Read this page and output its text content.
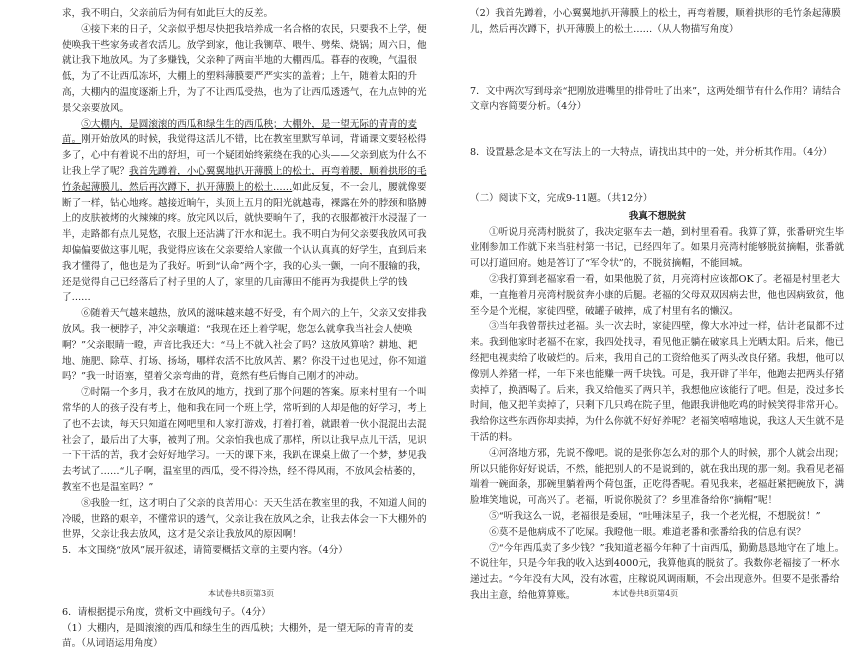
求，我不明白，父亲前后为何有如此巨大的反差。

④接下来的日子，父亲似乎想尽快把我培养成一名合格的农民，只要我不上学，便使唤我干些家务或者农活儿。放学到家，他让我铡草、喂牛、劈柴、烧锅；周六日，他就让我下地放风。为了多赚钱，父亲种了两亩半地的大棚西瓜。暮春的夜晚，气温很低，为了不让西瓜冻坏，大棚上的塑料薄膜要严严实实的盖着；上午，随着太阳的升高，大棚内的温度逐渐上升，为了不让西瓜受热，也为了让西瓜透透气，在九点钟的光景父亲要放风。

⑤大棚内，是圆滚滚的西瓜和绿生生的西瓜秧；大棚外，是一望无际的青青的麦苗。刚开始放风的时候，我觉得这活儿不错，比在教室里默写单词，背诵课文要轻松得多了，心中有着说不出的舒坦，可一个疑团始终萦绕在我的心头——父亲到底为什么不让我上学了呢？我首先蹲着，小心翼翼地扒开薄膜上的松土，再弯着腰，顺着拱形的毛竹条起薄膜儿，然后再次蹲下，扒开薄膜上的松土……如此反复，不一会儿，腰就像要断了一样，钻心地疼。越接近晌午，头顶上五月的阳光就越毒，裸露在外的脖颈和胳膊上的皮肤被烤的火辣辣的疼。放完风以后，就快要晌午了，我的衣服都被汗水浸湿了一半，走路都有点儿晃悠，衣服上还沾满了汗水和泥土。我不明白为何父亲要我放风可我却偏偏要做这事儿呢，我觉得应该在父亲要给人家做一个认认真真的好学生，直到后来我才懂得了，他也是为了我好。听到“认命”两个字，我的心头一颤，一向不服输的我，还是觉得自己已经落后了村子里的人了，家里的几亩薄田不能再为我提供上学的钱了……

⑥随着天气越来越热，放风的滋味越来越不好受，有个周六的上午，父亲又安排我放风。我一梗脖子，冲父亲嚷道：“我现在还上着学呢，您怎么就拿我当社会人使唤啊？”父亲眼睛一瞪，声音比我还大：“马上不就入社会了吗？这放风算啥？耕地、耙地、施肥、除草、打场、扬场，哪样农活不比放风苦、累？你没干过也见过，你不知道吗？”我一时语塞，望着父亲弯曲的背，竟然有些后悔自己刚才的冲动。

⑦时隔一个多月，我才在放风的地方，找到了那个问题的答案。原来村里有一个叫常华的人的孩子没有考上，他和我在同一个班上学，常听到的人却是他的好学习，考上了也不去读，每天只知道在网吧里和人家打游戏，打着打着，就跟着一伙小混混出去混社会了，最后出了大事，被判了刑。父亲怕我也成了那样，所以让我早点儿干活，见识一下干活的苦，我才会好好地学习。一天的课下来，我趴在课桌上做了一个梦，梦见我去考试了……“儿子啊，温室里的西瓜，受不得冷热，经不得风雨，不放风会枯萎的，教室不也是温室吗？”

⑧我脸一红，这才明白了父亲的良苦用心：天天生活在教室里的我，不知道人间的冷暖，世路的艰辛，不懂常识的透气，父亲让我在放风之余，让我去体会一下大棚外的世界，父亲让我去放风，这才是父亲让我放风的原因啊！

5．本文围绕“放风”展开叙述，请简要概括文章的主要内容。（4分）

6．请根据提示角度，赏析文中画线句子。（4分）

（1）大棚内，是圆滚滚的西瓜和绿生生的西瓜秧；大棚外，是一望无际的青青的麦苗。（从词语运用角度）

（2）我首先蹲着，小心翼翼地扒开薄膜上的松土，再弯着腰，顺着拱形的毛竹条起薄膜儿，然后再次蹲下，扒开薄膜上的松土……（从人物描写角度）

7．文中两次写到母亲“把刚放进嘴里的排骨吐了出来”，这两处细节有什么作用？请结合文章内容简要分析。（4分）

8．设置悬念是本文在写法上的一大特点，请找出其中的一处，并分析其作用。（4分）

（二）阅读下文，完成9-11题。（共12分）

我真不想脱贫

①听说月亮湾村脱贫了，我决定驱车去一趟，到村里看看。我算了算，张番研究生毕业刚参加工作就下来当驻村第一书记，已经四年了。如果月亮湾村能够脱贫摘帽，张番就可以打道回府。她是答订了“军令状”的，不脱贫摘帽，不能回城。

②我打算到老福家看一看，如果他脱了贫，月亮湾村应该都OK了。老福是村里老大难，一直拖着月亮湾村脱贫奔小康的后腿。老福的父母双双因病去世，他也因病致贫，他至今是个光棍，家徒四壁，破罐子破摔，成了村里有名的懒汉。

③当年我曾帮扶过老福。头一次去时，家徒四壁，像大水冲过一样，估计老鼠都不过来。我到他家时老福不在家，我四处找寻，看见他正躺在破家具上光晒太阳。后来，他已经把电视卖给了收破烂的。后来，我用自己的工资给他买了两头改良仔猪。我想，他可以像别人养猪一样，一年下来也能赚一两千块钱。可是，我开辟了半年，他跑去把两头仔猪卖掉了，换酒喝了。后来，我又给他买了两只羊，我想他应该能行了吧。但是，没过多长时间，他又把羊卖掉了，只剩下几只鸡在院子里，他跟我讲他吃鸡的时候笑得非常开心。我给你这些东西你却卖掉，为什么你就不好好养呢？老福笑嘻嘻地说，我这人天生就不是干活的料。

④河洛地方邪，先说不像吧。说的是张你怎么对的那个人的时候，那个人就会出现；所以只能你好好说话，不然，能把别人的不是说到的，就在我出现的那一刻。我看见老福端着一碗面条，那碗里躺着两个荷包蛋，正吃得香呢。看见我来，老福赶紧把碗放下，满脸堆笑地说，可高兴了。老福，听说你脱贫了？乡里准备给你“摘帽”呢！

⑤“听我这么一说，老福很是委屈，“吐唾沫星子，我一个老光棍，不想脱贫！”

⑥莫不是他病成不了吃屎。我瞪他一眼。难道老番和张番给我的信息有误？

⑦“今年西瓜卖了多少钱？”我知道老福今年种了十亩西瓜，勤勤恳恳地守在了地上。不说往年，只是今年我的收入达到4000元，我算他真的脱贫了。我数你老福接了一杯水递过去。“今年没有大风，没有冰雹，庄稼说风调雨顺，不会出现意外。但要不是张番给我出主意，给他算算账。

本试卷共8页第3页	本试卷共8页第4页
